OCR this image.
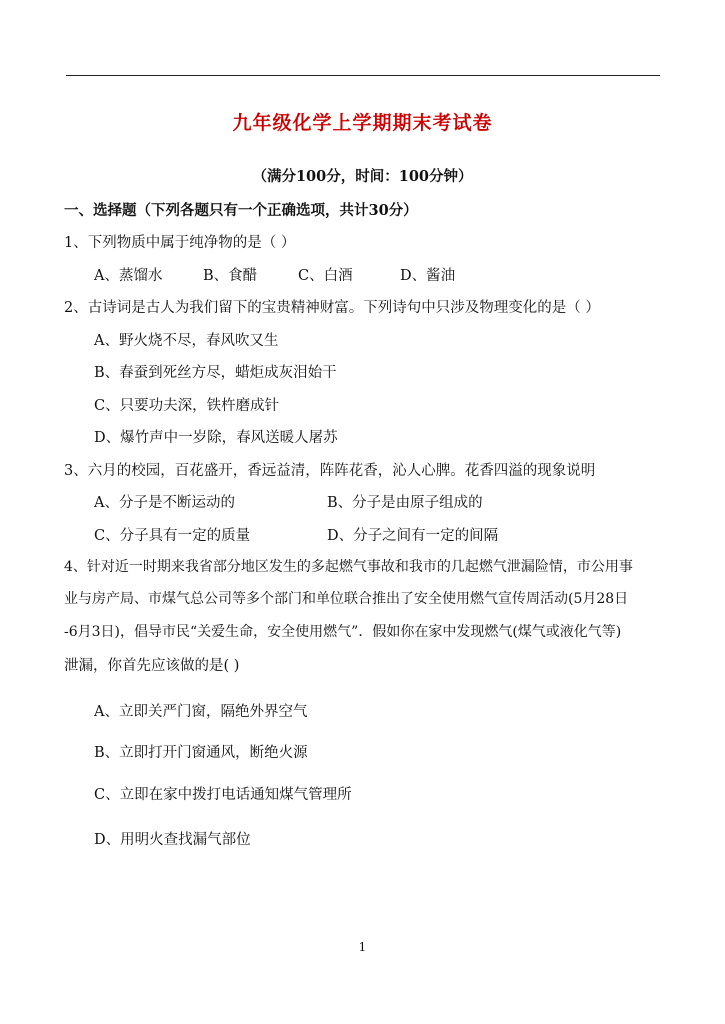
九年级化学上学期期末考试卷
（满分100分，时间：100分钟）
一、选择题（下列各题只有一个正确选项，共计30分）
1、下列物质中属于纯净物的是（ ）
A、蒸馏水	B、食醋	C、白酒	D、酱油
2、古诗词是古人为我们留下的宝贵精神财富。下列诗句中只涉及物理变化的是（ ）
A、野火烧不尽，春风吹又生
B、春蚕到死丝方尽，蜡炬成灰泪始干
C、只要功夫深，铁杵磨成针
D、爆竹声中一岁除，春风送暖人屠苏
3、六月的校园，百花盛开，香远益清，阵阵花香，沁人心脾。花香四溢的现象说明
A、分子是不断运动的	B、分子是由原子组成的
C、分子具有一定的质量	D、分子之间有一定的间隔
4、针对近一时期来我省部分地区发生的多起燃气事故和我市的几起燃气泄漏险情，市公用事
业与房产局、市煤气总公司等多个部门和单位联合推出了安全使用燃气宣传周活动(5月28日
-6月3日)，倡导市民“关爱生命，安全使用燃气”．假如你在家中发现燃气(煤气或液化气等)
泄漏，你首先应该做的是( )
A、立即关严门窗，隔绝外界空气
B、立即打开门窗通风，断绝火源
C、立即在家中拨打电话通知煤气管理所
D、用明火查找漏气部位
1
